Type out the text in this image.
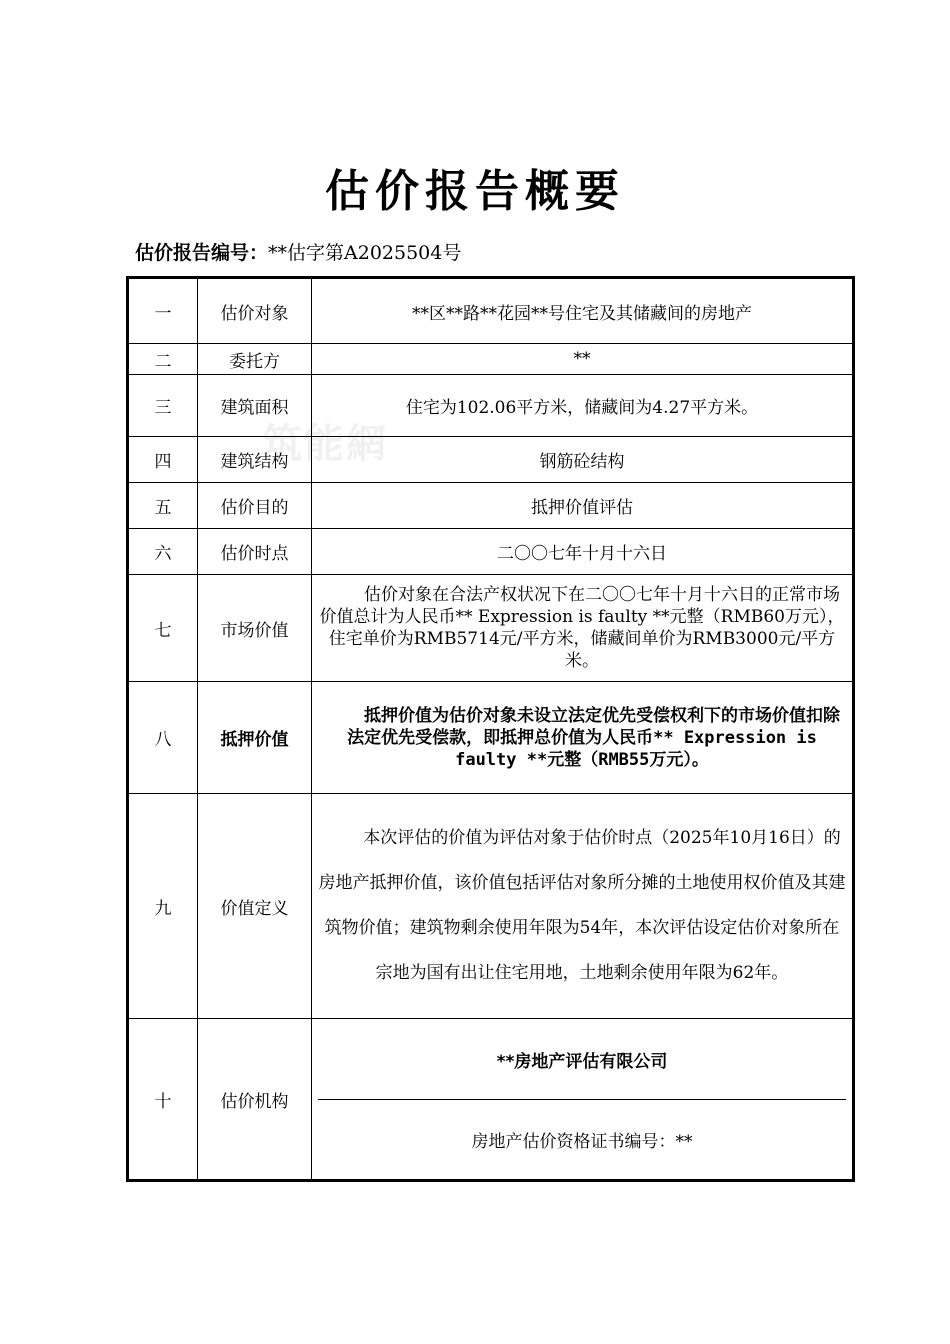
估价报告概要
估价报告编号：**估字第A2025504号
筑能網
一	估价对象	**区**路**花园**号住宅及其储藏间的房地产
二	委托方	**
三	建筑面积	住宅为102.06平方米，储藏间为4.27平方米。
四	建筑结构	钢筋砼结构
五	估价目的	抵押价值评估
六	估价时点	二〇〇七年十月十六日
七	市场价值	估价对象在合法产权状况下在二〇〇七年十月十六日的正常市场价值总计为人民币** Expression is faulty **元整（RMB60万元），住宅单价为RMB5714元/平方米，储藏间单价为RMB3000元/平方米。
八	抵押价值	抵押价值为估价对象未设立法定优先受偿权利下的市场价值扣除法定优先受偿款，即抵押总价值为人民币** Expression is faulty **元整（RMB55万元）。
九	价值定义	本次评估的价值为评估对象于估价时点（2025年10月16日）的房地产抵押价值，该价值包括评估对象所分摊的土地使用权价值及其建筑物价值；建筑物剩余使用年限为54年，本次评估设定估价对象所在宗地为国有出让住宅用地，土地剩余使用年限为62年。
十	估价机构	**房地产评估有限公司
房地产估价资格证书编号：**
